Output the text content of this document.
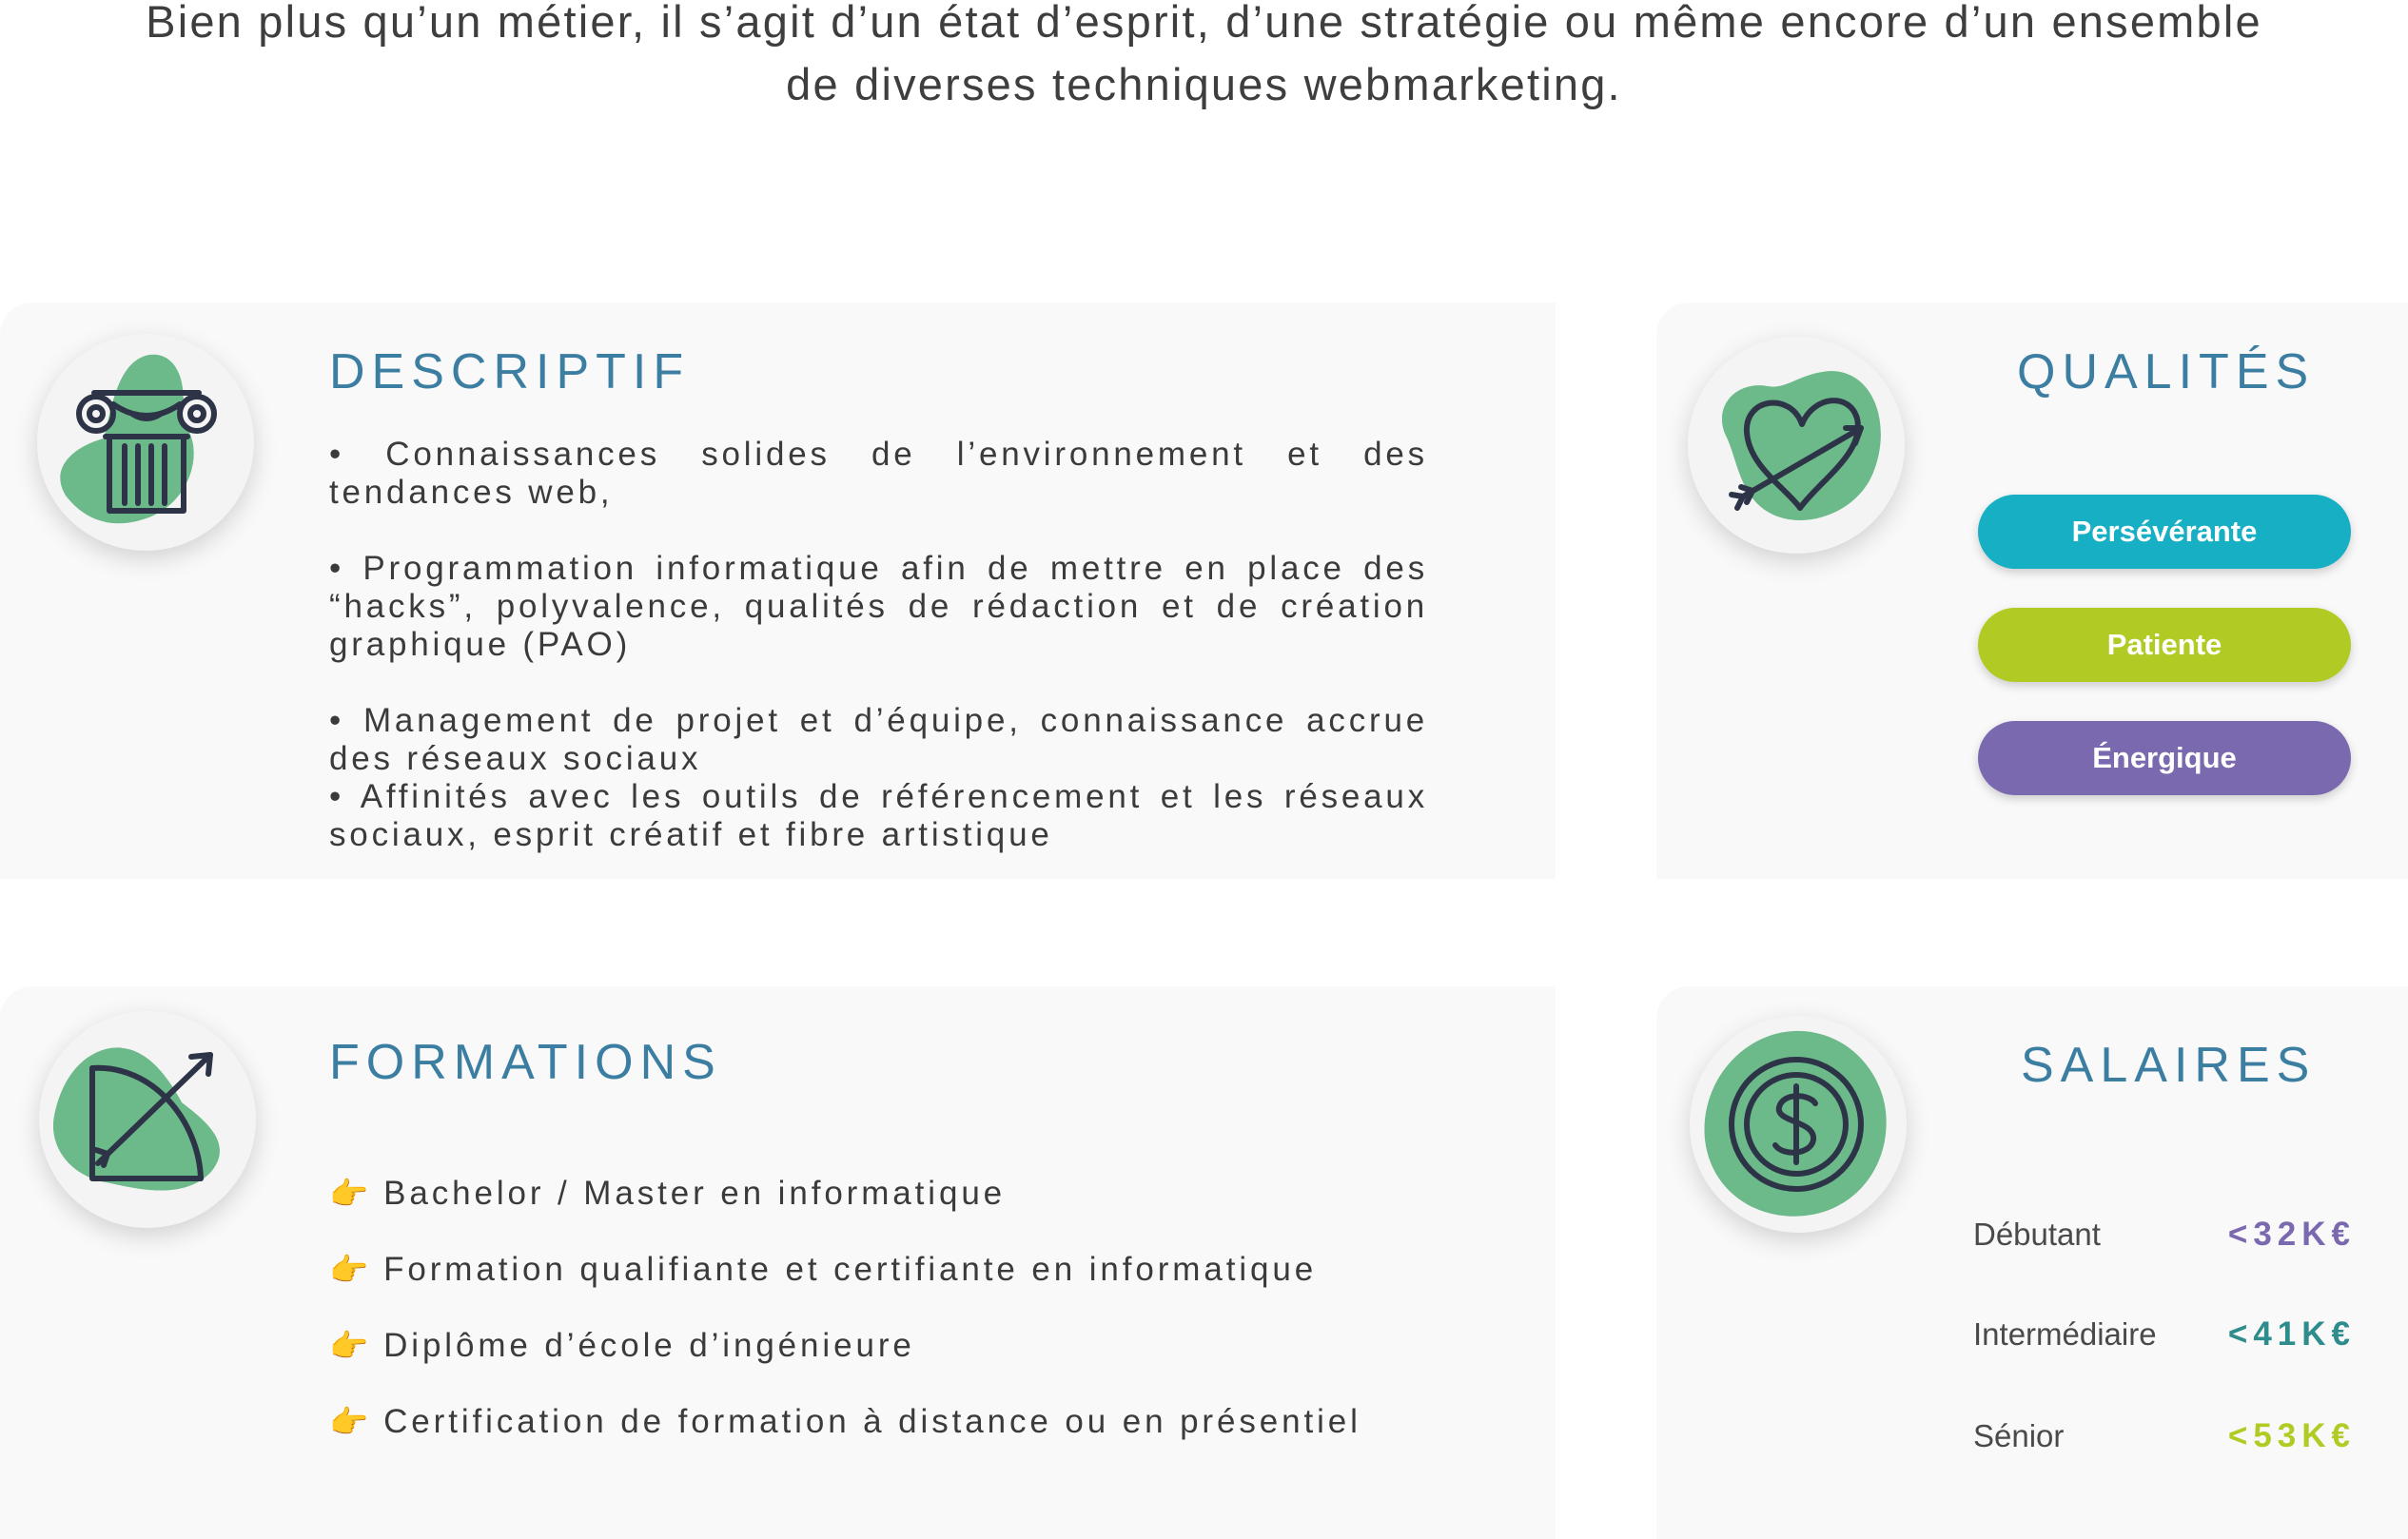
Bien plus qu’un métier, il s’agit d’un état d’esprit, d’une stratégie ou même encore d’un ensemble
de diverses techniques webmarketing.

DESCRIPTIF

• Connaissances solides de l’environnement et des tendances web,

• Programmation informatique afin de mettre en place des “hacks”, polyvalence, qualités de rédaction et de création graphique (PAO)

• Management de projet et d’équipe, connaissance accrue des réseaux sociaux

• Affinités avec les outils de référencement et les réseaux sociaux, esprit créatif et fibre artistique

QUALITÉS
Persévérante
Patiente
Énergique
FORMATIONS
👉 Bachelor / Master en informatique
👉 Formation qualifiante et certifiante en informatique
👉 Diplôme d’école d’ingénieure
👉 Certification de formation à distance ou en présentiel
SALAIRES
Débutant	<32K€
Intermédiaire <41K€
Sénior	<53K€
